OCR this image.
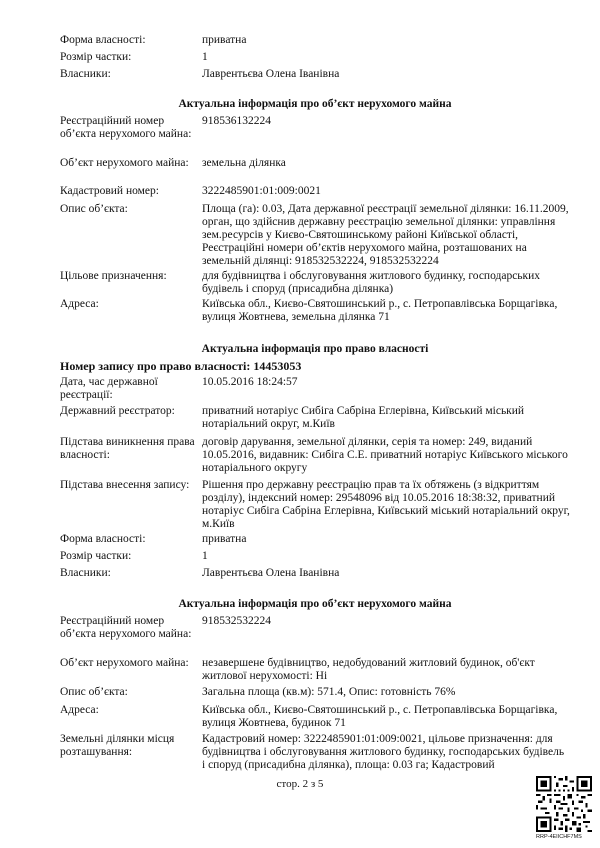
Форма власності:	приватна
Розмір частки:	1
Власники:	Лаврентьєва Олена Іванівна
Актуальна інформація про об’єкт нерухомого майна
Реєстраційний номер об’єкта нерухомого майна:
918536132224
Об’єкт нерухомого майна:	земельна ділянка
Кадастровий номер:	3222485901:01:009:0021
Опис об’єкта:	Площа (га): 0.03, Дата державної реєстрації земельної ділянки: 16.11.2009, орган, що здійснив державну реєстрацію земельної ділянки: управління зем.ресурсів у Києво-Святошинському районі Київської області, Реєстраційні номери об’єктів нерухомого майна, розташованих на земельній ділянці: 918532532224, 918532532224
Цільове призначення:	для будівництва і обслуговування житлового будинку, господарських будівель і споруд (присадибна ділянка)
Адреса:	Київська обл., Києво-Святошинський р., с. Петропавлівська Борщагівка, вулиця Жовтнева, земельна ділянка 71
Актуальна інформація про право власності
Номер запису про право власності: 14453053
Дата, час державної реєстрації:
10.05.2016 18:24:57
Державний реєстратор:	приватний нотаріус Сибіга Сабріна Еглерівна, Київський міський нотаріальний округ, м.Київ
Підстава виникнення права власності:
договір дарування, земельної ділянки, серія та номер: 249, виданий 10.05.2016, видавник: Сибіга С.Е. приватний нотаріус Київського міського нотаріального округу
Підстава внесення запису:	Рішення про державну реєстрацію прав та їх обтяжень (з відкриттям розділу), індексний номер: 29548096 від 10.05.2016 18:38:32, приватний нотаріус Сибіга Сабріна Еглерівна, Київський міський нотаріальний округ, м.Київ
Форма власності:	приватна
Розмір частки:	1
Власники:	Лаврентьєва Олена Іванівна
Актуальна інформація про об’єкт нерухомого майна
Реєстраційний номер об’єкта нерухомого майна:
918532532224
Об’єкт нерухомого майна:	незавершене будівництво, недобудований житловий будинок, об'єкт житлової нерухомості: Ні
Опис об’єкта:	Загальна площа (кв.м): 571.4, Опис: готовність 76%
Адреса:	Київська обл., Києво-Святошинський р., с. Петропавлівська Борщагівка, вулиця Жовтнева, будинок 71
Земельні ділянки місця розташування:
Кадастровий номер: 3222485901:01:009:0021, цільове призначення: для будівництва і обслуговування житлового будинку, господарських будівель і споруд (присадибна ділянка), площа: 0.03 га; Кадастровий
стор. 2 з 5
RRP-4EIICHF7MS
